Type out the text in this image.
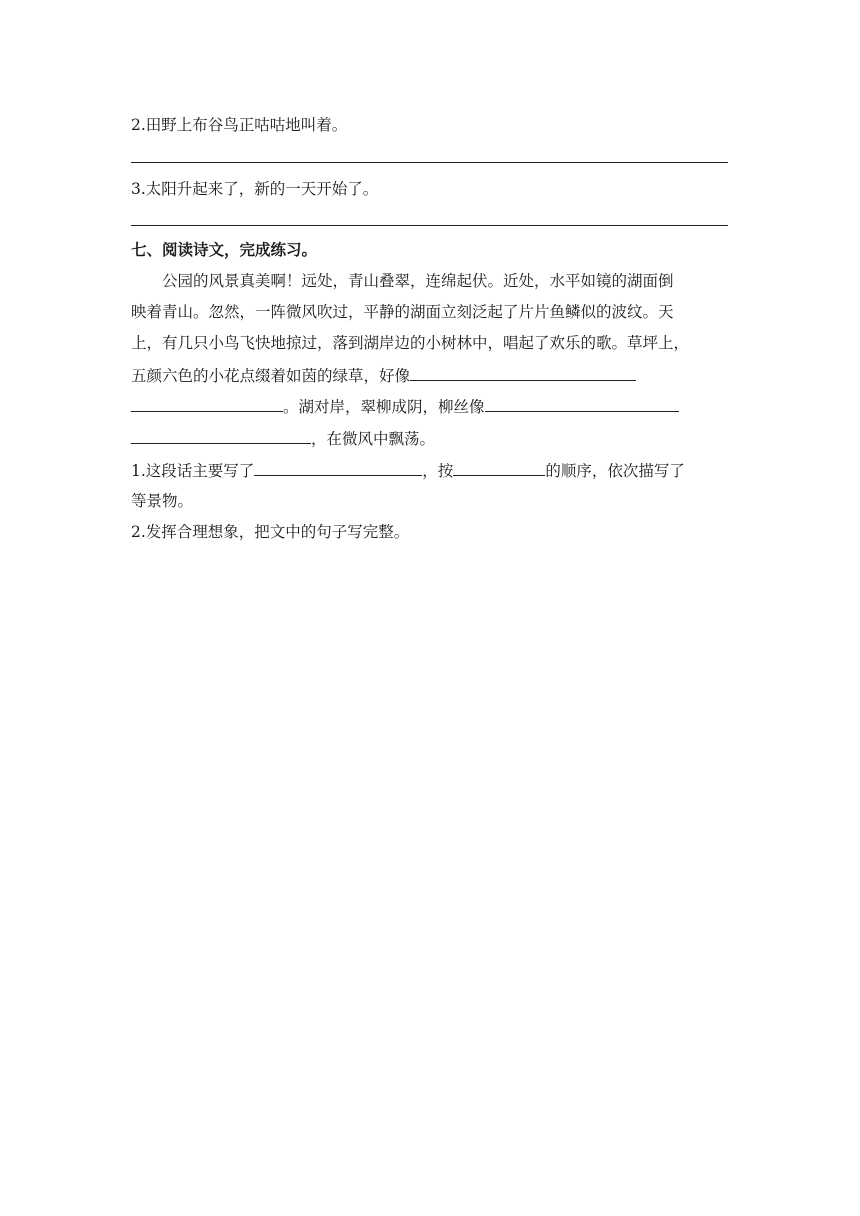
2.田野上布谷鸟正咕咕地叫着。
3.太阳升起来了，新的一天开始了。
七、阅读诗文，完成练习。
公园的风景真美啊！远处，青山叠翠，连绵起伏。近处，水平如镜的湖面倒
映着青山。忽然，一阵微风吹过，平静的湖面立刻泛起了片片鱼鳞似的波纹。天
上，有几只小鸟飞快地掠过，落到湖岸边的小树林中，唱起了欢乐的歌。草坪上，
五颜六色的小花点缀着如茵的绿草，好像
。湖对岸，翠柳成阴，柳丝像
，在微风中飘荡。
1.这段话主要写了	，按	的顺序，依次描写了
等景物。
2.发挥合理想象，把文中的句子写完整。
